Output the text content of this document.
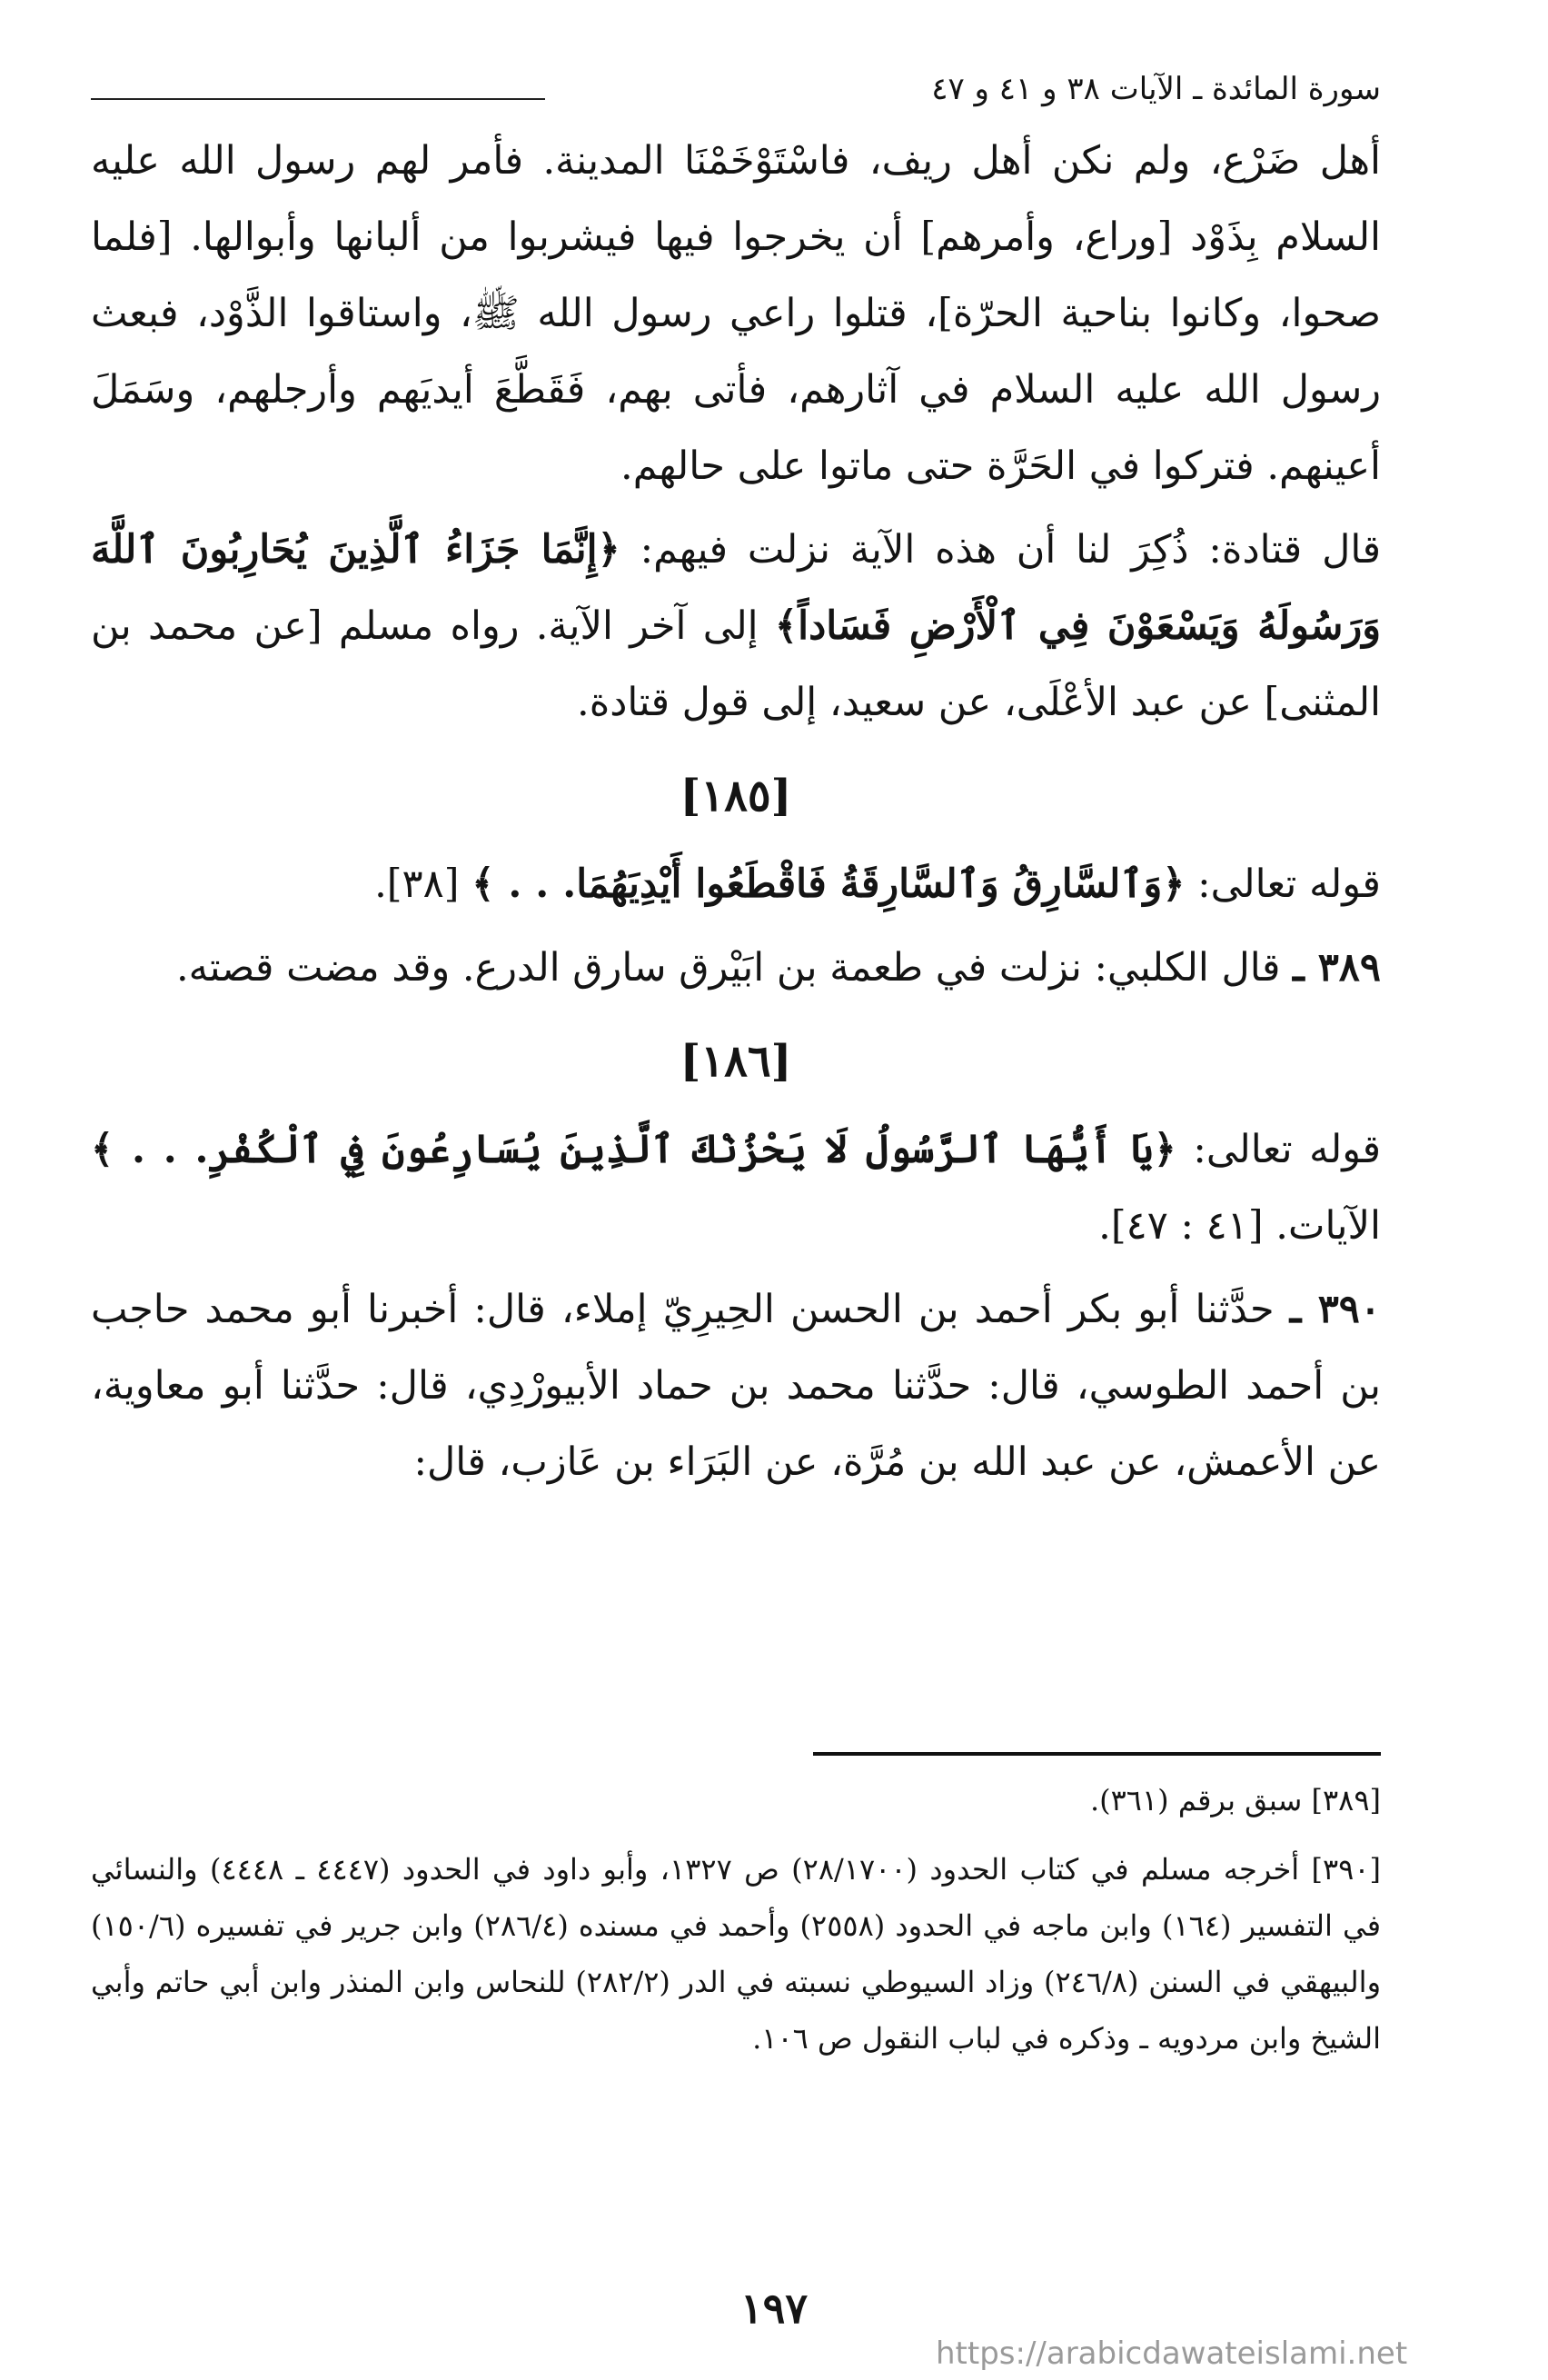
سورة المائدة ـ الآيات ٣٨ و ٤١ و ٤٧

أهل ضَرْع، ولم نكن أهل ريف، فاسْتَوْخَمْنَا المدينة. فأمر لهم رسول الله عليه السلام بِذَوْد [وراع، وأمرهم] أن يخرجوا فيها فيشربوا من ألبانها وأبوالها. [فلما صحوا، وكانوا بناحية الحرّة]، قتلوا راعي رسول الله ﷺ، واستاقوا الذَّوْد، فبعث رسول الله عليه السلام في آثارهم، فأتى بهم، فَقَطَّعَ أيديَهم وأرجلهم، وسَمَلَ أعينهم. فتركوا في الحَرَّة حتى ماتوا على حالهم.

قال قتادة: ذُكِرَ لنا أن هذه الآية نزلت فيهم: ﴿إِنَّمَا جَزَاءُ ٱلَّذِينَ يُحَارِبُونَ ٱللَّهَ وَرَسُولَهُ وَيَسْعَوْنَ فِي ٱلْأَرْضِ فَسَاداً﴾ إلى آخر الآية. رواه مسلم [عن محمد بن المثنى] عن عبد الأعْلَى، عن سعيد، إلى قول قتادة.

[١٨٥]

قوله تعالى: ﴿وَٱلسَّارِقُ وَٱلسَّارِقَةُ فَاقْطَعُوا أَيْدِيَهُمَا. . . ﴾ [٣٨].

٣٨٩ ـ قال الكلبي: نزلت في طعمة بن ابَيْرق سارق الدرع. وقد مضت قصته.

[١٨٦]

قوله تعالى: ﴿يَا أَيُّهَا ٱلرَّسُولُ لَا يَحْزُنْكَ ٱلَّذِينَ يُسَارِعُونَ فِي ٱلْكُفْرِ. . . ﴾ الآيات. [٤١ : ٤٧].

٣٩٠ ـ حدَّثنا أبو بكر أحمد بن الحسن الحِيرِيّ إملاء، قال: أخبرنا أبو محمد حاجب بن أحمد الطوسي، قال: حدَّثنا محمد بن حماد الأبيورْدِي، قال: حدَّثنا أبو معاوية، عن الأعمش، عن عبد الله بن مُرَّة، عن البَرَاء بن عَازب، قال:

[٣٨٩] سبق برقم (٣٦١).

[٣٩٠] أخرجه مسلم في كتاب الحدود (٢٨/١٧٠٠) ص ١٣٢٧، وأبو داود في الحدود (٤٤٤٧ ـ ٤٤٤٨) والنسائي في التفسير (١٦٤) وابن ماجه في الحدود (٢٥٥٨) وأحمد في مسنده (٢٨٦/٤) وابن جرير في تفسيره (١٥٠/٦) والبيهقي في السنن (٢٤٦/٨) وزاد السيوطي نسبته في الدر (٢٨٢/٢) للنحاس وابن المنذر وابن أبي حاتم وأبي الشيخ وابن مردويه ـ وذكره في لباب النقول ص ١٠٦.

١٩٧
https://arabicdawateislami.net
